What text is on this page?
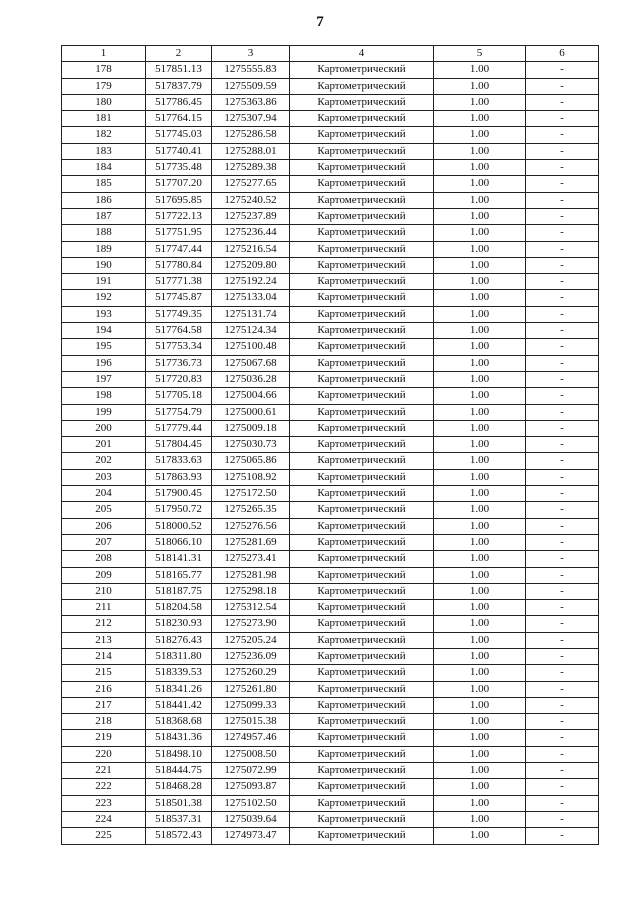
7
1	2	3	4	5	6
178	517851.13	1275555.83	Картометрический	1.00	-
179	517837.79	1275509.59	Картометрический	1.00	-
180	517786.45	1275363.86	Картометрический	1.00	-
181	517764.15	1275307.94	Картометрический	1.00	-
182	517745.03	1275286.58	Картометрический	1.00	-
183	517740.41	1275288.01	Картометрический	1.00	-
184	517735.48	1275289.38	Картометрический	1.00	-
185	517707.20	1275277.65	Картометрический	1.00	-
186	517695.85	1275240.52	Картометрический	1.00	-
187	517722.13	1275237.89	Картометрический	1.00	-
188	517751.95	1275236.44	Картометрический	1.00	-
189	517747.44	1275216.54	Картометрический	1.00	-
190	517780.84	1275209.80	Картометрический	1.00	-
191	517771.38	1275192.24	Картометрический	1.00	-
192	517745.87	1275133.04	Картометрический	1.00	-
193	517749.35	1275131.74	Картометрический	1.00	-
194	517764.58	1275124.34	Картометрический	1.00	-
195	517753.34	1275100.48	Картометрический	1.00	-
196	517736.73	1275067.68	Картометрический	1.00	-
197	517720.83	1275036.28	Картометрический	1.00	-
198	517705.18	1275004.66	Картометрический	1.00	-
199	517754.79	1275000.61	Картометрический	1.00	-
200	517779.44	1275009.18	Картометрический	1.00	-
201	517804.45	1275030.73	Картометрический	1.00	-
202	517833.63	1275065.86	Картометрический	1.00	-
203	517863.93	1275108.92	Картометрический	1.00	-
204	517900.45	1275172.50	Картометрический	1.00	-
205	517950.72	1275265.35	Картометрический	1.00	-
206	518000.52	1275276.56	Картометрический	1.00	-
207	518066.10	1275281.69	Картометрический	1.00	-
208	518141.31	1275273.41	Картометрический	1.00	-
209	518165.77	1275281.98	Картометрический	1.00	-
210	518187.75	1275298.18	Картометрический	1.00	-
211	518204.58	1275312.54	Картометрический	1.00	-
212	518230.93	1275273.90	Картометрический	1.00	-
213	518276.43	1275205.24	Картометрический	1.00	-
214	518311.80	1275236.09	Картометрический	1.00	-
215	518339.53	1275260.29	Картометрический	1.00	-
216	518341.26	1275261.80	Картометрический	1.00	-
217	518441.42	1275099.33	Картометрический	1.00	-
218	518368.68	1275015.38	Картометрический	1.00	-
219	518431.36	1274957.46	Картометрический	1.00	-
220	518498.10	1275008.50	Картометрический	1.00	-
221	518444.75	1275072.99	Картометрический	1.00	-
222	518468.28	1275093.87	Картометрический	1.00	-
223	518501.38	1275102.50	Картометрический	1.00	-
224	518537.31	1275039.64	Картометрический	1.00	-
225	518572.43	1274973.47	Картометрический	1.00	-
